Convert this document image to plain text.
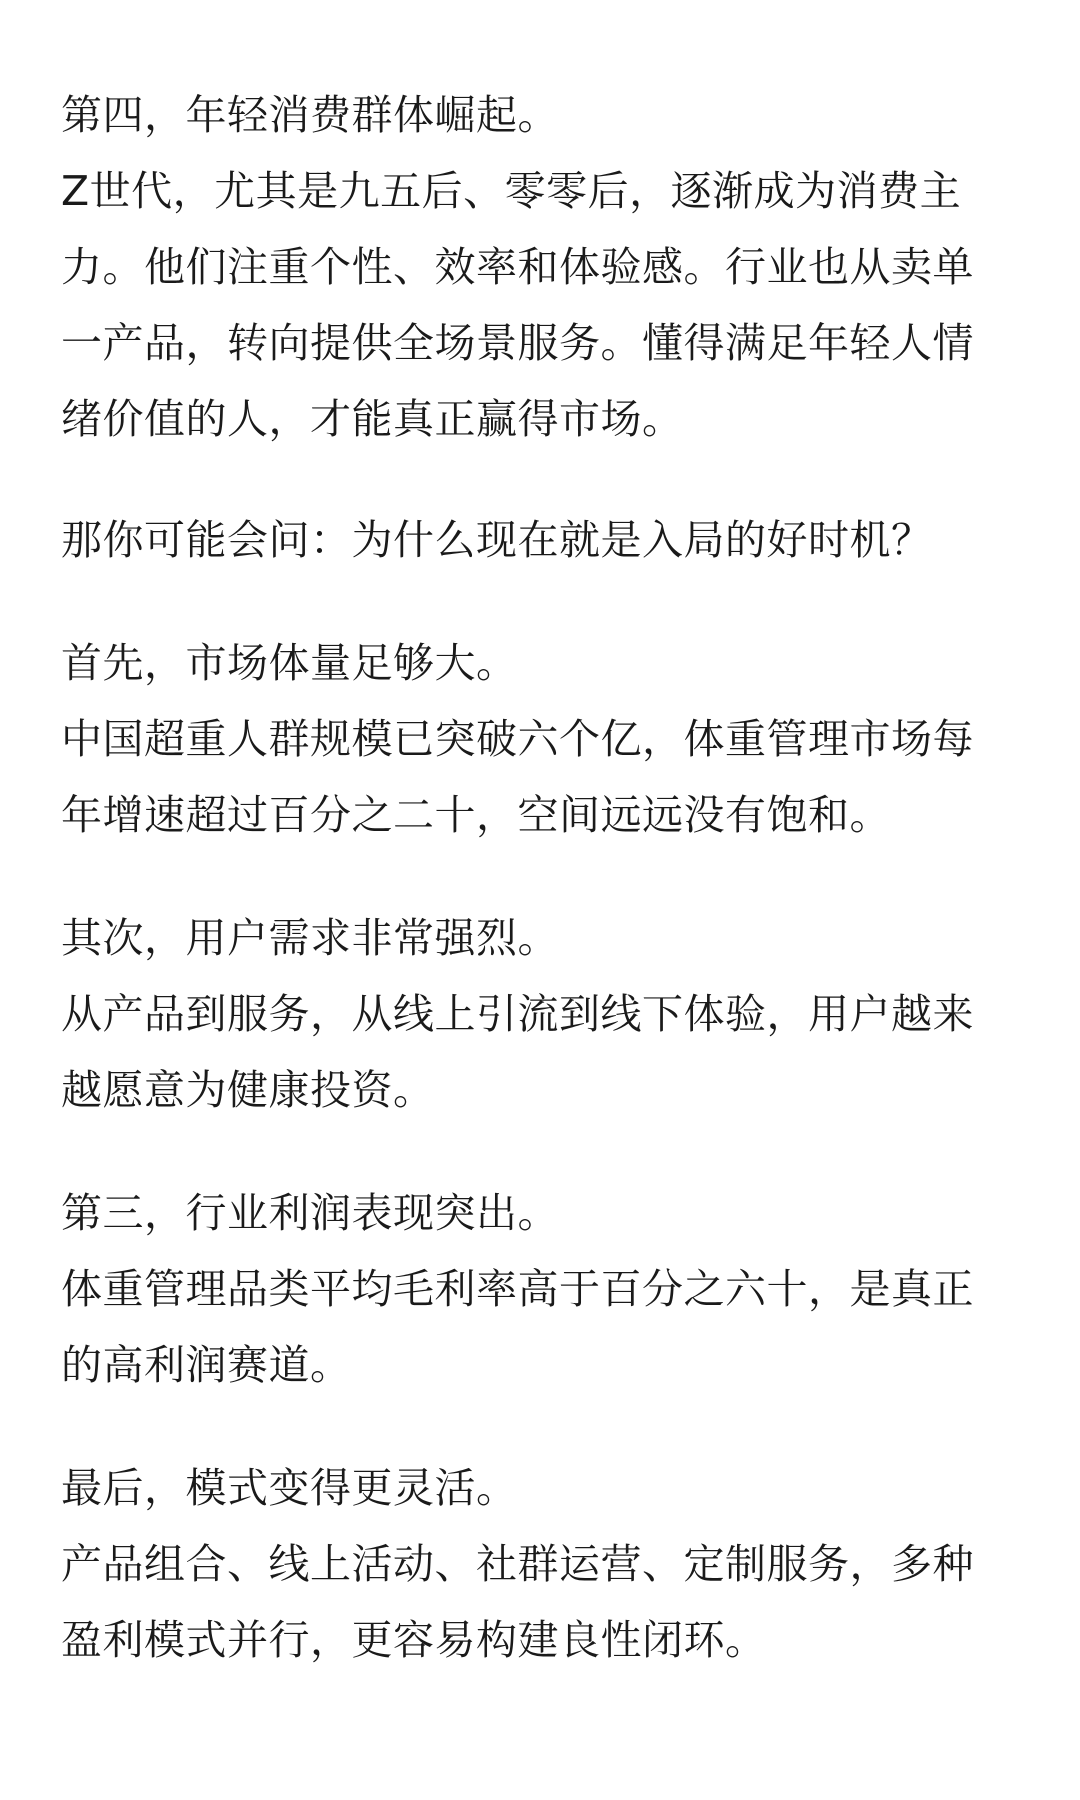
第四，年轻消费群体崛起。
Z世代，尤其是九五后、零零后，逐渐成为消费主
力。他们注重个性、效率和体验感。行业也从卖单
一产品，转向提供全场景服务。懂得满足年轻人情
绪价值的人，才能真正赢得市场。
那你可能会问：为什么现在就是入局的好时机？
首先，市场体量足够大。
中国超重人群规模已突破六个亿，体重管理市场每
年增速超过百分之二十，空间远远没有饱和。
其次，用户需求非常强烈。
从产品到服务，从线上引流到线下体验，用户越来
越愿意为健康投资。
第三，行业利润表现突出。
体重管理品类平均毛利率高于百分之六十，是真正
的高利润赛道。
最后，模式变得更灵活。
产品组合、线上活动、社群运营、定制服务，多种
盈利模式并行，更容易构建良性闭环。
